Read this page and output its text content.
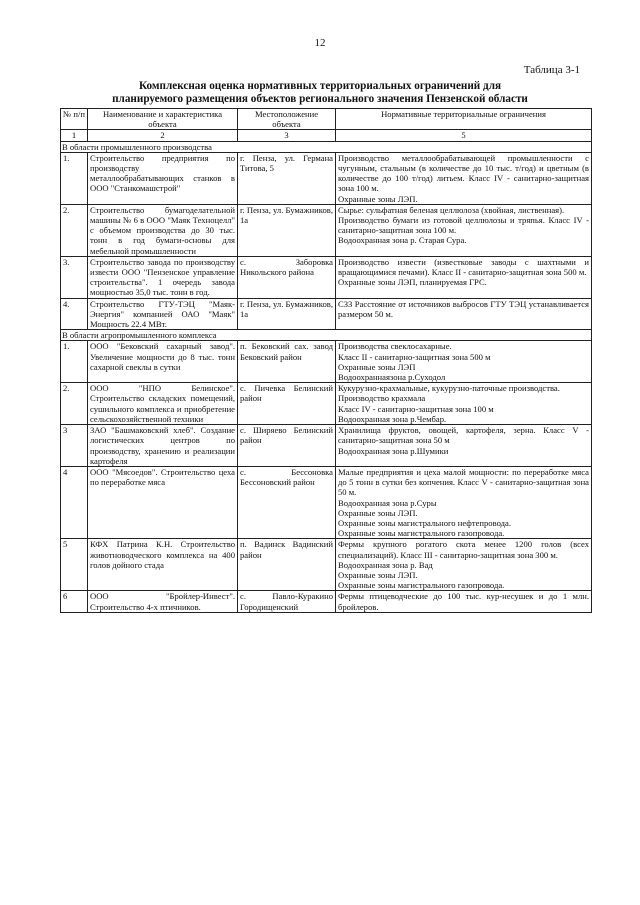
12
Таблица 3-1
Комплексная оценка нормативных территориальных ограничений для
планируемого размещения объектов регионального значения Пензенской области
№ п/п	Наименование и характеристика объекта	Местоположение объекта	Нормативные территориальные ограничения
1	2	3	5
В области промышленного производства			
1.	Строительство предприятия по производству металлообрабатывающих станков в ООО "Станкомашстрой"	г. Пенза, ул. Германа Титова, 5	Производство металлообрабатывающей промышленности с чугунным, стальным (в количестве до 10 тыс. т/год) и цветным (в количестве до 100 т/год) литьем. Класс IV - санитарно-защитная зона 100 м.
Охранные зоны ЛЭП.

2.	Строительство бумагоделательной машины № 6 в ООО "Маяк Техноцелл" с объемом производства до 30 тыс. тонн в год бумаги-основы для мебельной промышленности	г. Пенза, ул. Бумажников, 1а	Сырье: сульфатная беленая целлюлоза (хвойная, лиственная).
Производство бумаги из готовой целлюлозы и тряпья. Класс IV - санитарно-защитная зона 100 м.
Водоохранная зона р. Старая Сура.

3.	Строительство завода по производству извести ООО "Пензенское управление строительства". 1 очередь завода мощностью 35,0 тыс. тонн в год.	с. Заборовка Никольского района	Производство извести (известковые заводы с шахтными и вращающимися печами). Класс II - санитарно-защитная зона 500 м.
Охранные зоны ЛЭП, планируемая ГРС.

4.	Строительство ГТУ-ТЭЦ "Маяк-Энергия" компанией ОАО "Маяк" Мощность 22.4 МВт.	г. Пенза, ул. Бумажников, 1а	СЗЗ Расстояние от источников выбросов ГТУ ТЭЦ устанавливается размером 50 м.

В области агропромышленного комплекса			
1.	ООО "Бековский сахарный завод". Увеличение мощности до 8 тыс. тонн сахарной свеклы в сутки	п. Бековский сах. завод Бековский район	Производства свеклосахарные.
Класс II - санитарно-защитная зона 500 м
Охранные зоны ЛЭП
Водоохраннаязона р.Суходол

2.	ООО "НПО Белинское". Строительство складских помещений, сушильного комплекса и приобретение сельскохозяйственной техники	с. Пичевка Белинский район	Кукурузно-крахмальные, кукурузно-паточные производства.
Производство крахмала
Класс IV - санитарно-защитная зона 100 м
Водоохранная зона р.Чембар.

3	ЗАО "Башмаковский хлеб". Создание логистических центров по производству, хранению и реализации картофеля	с. Ширяево Белинский район	Хранилища фруктов, овощей, картофеля, зерна. Класс V - санитарно-защитная зона 50 м
Водоохранная зона р.Шумики

4	ООО "Мясоедов". Строительство цеха по переработке мяса	с. Бессоновка Бессоновский район	Малые предприятия и цеха малой мощности: по переработке мяса до 5 тонн в сутки без копчения. Класс V - санитарно-защитная зона 50 м.
Водоохранная зона р.Суры
Охранные зоны ЛЭП.
Охранные зоны магистрального нефтепровода.
Охранные зоны магистрального газопровода.

5	КФХ Патрина К.Н. Строительство животноводческого комплекса на 400 голов дойного стада	п. Вадинск Вадинский район	Фермы крупного рогатого скота менее 1200 голов (всех специализаций). Класс III - санитарно-защитная зона 300 м.
Водоохранная зона р. Вад
Охранные зоны ЛЭП.
Охранные зоны магистрального газопровода.

6	ООО "Бройлер-Инвест". Строительство 4-х птичников.	с. Павло-Куракино Городищенский	Фермы птицеводческие до 100 тыс. кур-несушек и до 1 млн. бройлеров.
